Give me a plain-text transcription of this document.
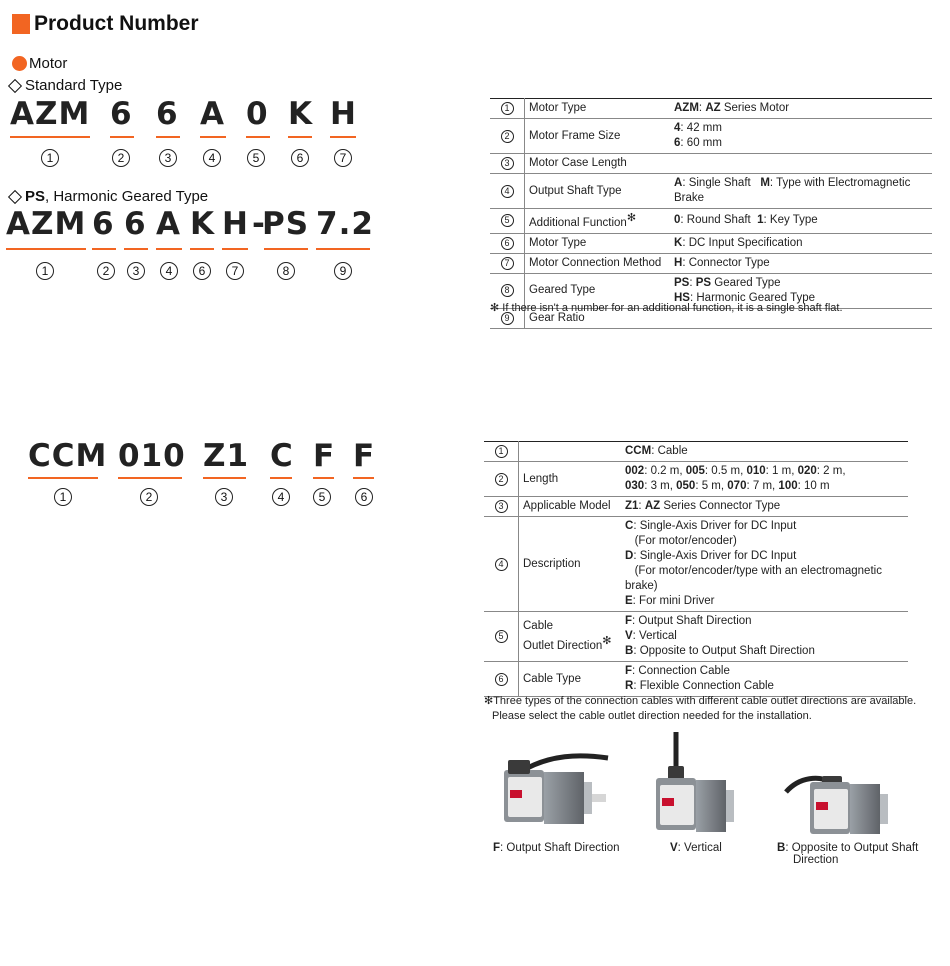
Product Number
Motor
Standard Type
PS , Harmonic Geared Type
AZM 6 6 A 0 K H
1	2	3	4	5	6	7
AZM 6 6 A K H -
PS 7.2
1	2	3	4	6	7	8	9
CCM 010 Z1 C F F
1	2	3	4	5	6
1	Motor Type	AZM: AZ Series Motor
2	Motor Frame Size	4: 42 mm
6: 60 mm
3	Motor Case Length	
4	Output Shaft Type	A: Single Shaft   M: Type with Electromagnetic Brake
5	Additional Function✻	0: Round Shaft  1: Key Type
6	Motor Type	K: DC Input Specification
7	Motor Connection Method	H: Connector Type
8	Geared Type	PS: PS Geared Type
HS: Harmonic Geared Type
9	Gear Ratio	
✻ If there isn't a number for an additional function, it is a single shaft flat.
1		CCM: Cable
2	Length	002: 0.2 m, 005: 0.5 m, 010: 1 m, 020: 2 m,
030: 3 m, 050: 5 m, 070: 7 m, 100: 10 m
3	Applicable Model	Z1: AZ Series Connector Type
4	Description	C: Single-Axis Driver for DC Input
(For motor/encoder)
D: Single-Axis Driver for DC Input
(For motor/encoder/type with an electromagnetic brake)
E: For mini Driver
5	Cable
Outlet Direction✻	F: Output Shaft Direction
V: Vertical
B: Opposite to Output Shaft Direction
6	Cable Type	F: Connection Cable
R: Flexible Connection Cable
✻Three types of the connection cables with different cable outlet directions are available.
Please select the cable outlet direction needed for the installation.
F: Output Shaft Direction	V: Vertical	B: Opposite to Output Shaft
Direction
